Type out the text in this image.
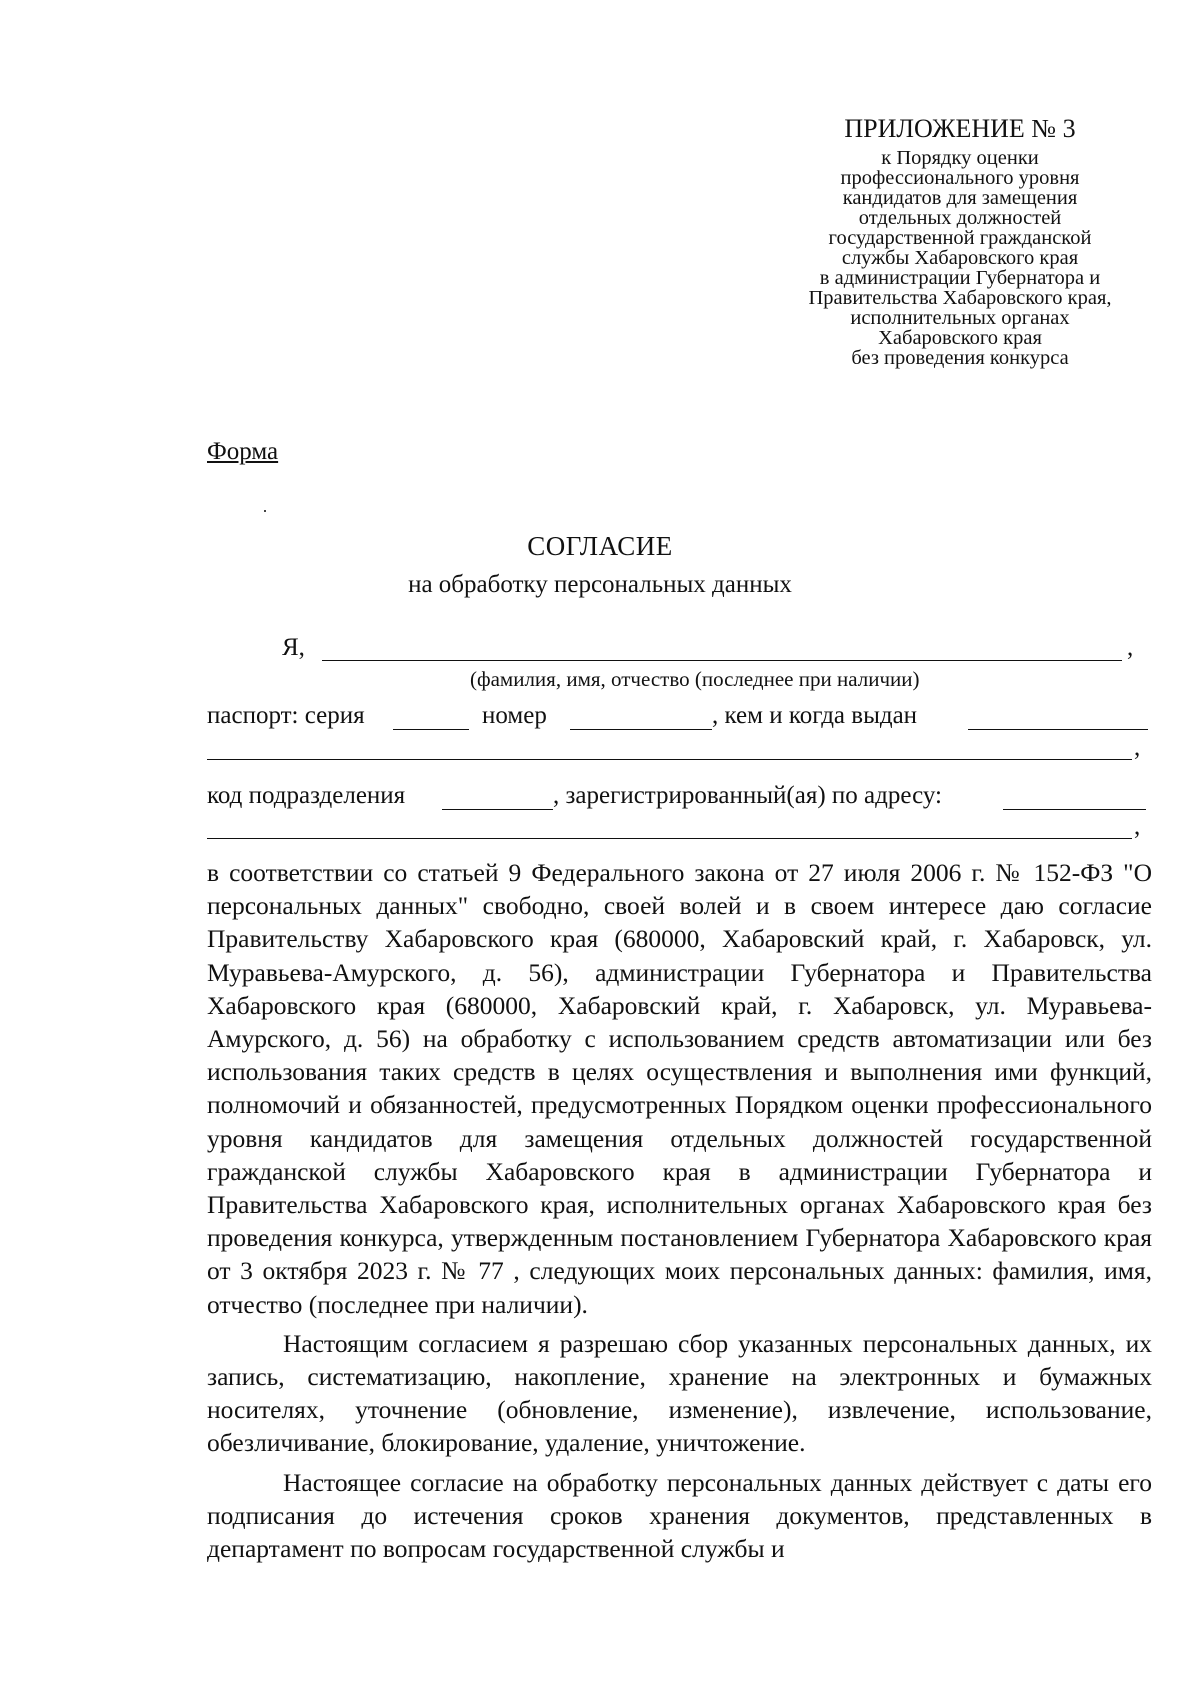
ПРИЛОЖЕНИЕ № 3
к Порядку оценки
профессионального уровня
кандидатов для замещения
отдельных должностей
государственной гражданской
службы Хабаровского края
в администрации Губернатора и
Правительства Хабаровского края,
исполнительных органах
Хабаровского края
без проведения конкурса
Форма
СОГЛАСИЕ
на обработку персональных данных
Я,	,
(фамилия, имя, отчество (последнее при наличии)
паспорт: серия	номер	, кем и когда выдан
,
код подразделения	, зарегистрированный(ая) по адресу:
,

в соответствии со статьей 9 Федерального закона от 27 июля 2006 г. № 152-ФЗ "О персональных данных" свободно, своей волей и в своем интересе даю согласие Правительству Хабаровского края (680000, Хабаровский край, г. Хабаровск, ул. Муравьева-Амурского, д. 56), администрации Губернатора и Правительства Хабаровского края (680000, Хабаровский край, г. Хабаровск, ул. Муравьева-Амурского, д. 56) на обработку с использованием средств автоматизации или без использования таких средств в целях осуществления и выполнения ими функций, полномочий и обязанностей, предусмотренных Порядком оценки профессионального уровня кандидатов для замещения отдельных должностей государственной гражданской службы Хабаровского края в администрации Губернатора и Правительства Хабаровского края, исполнительных органах Хабаровского края без проведения конкурса, утвержденным постановлением Губернатора Хабаровского края от 3 октября 2023 г. № 77 , следующих моих персональных данных: фамилия, имя, отчество (последнее при наличии).

Настоящим согласием я разрешаю сбор указанных персональных данных, их запись, систематизацию, накопление, хранение на электронных и бумажных носителях, уточнение (обновление, изменение), извлечение, использование, обезличивание, блокирование, удаление, уничтожение.

Настоящее согласие на обработку персональных данных действует с даты его подписания до истечения сроков хранения документов, представленных в департамент по вопросам государственной службы и
